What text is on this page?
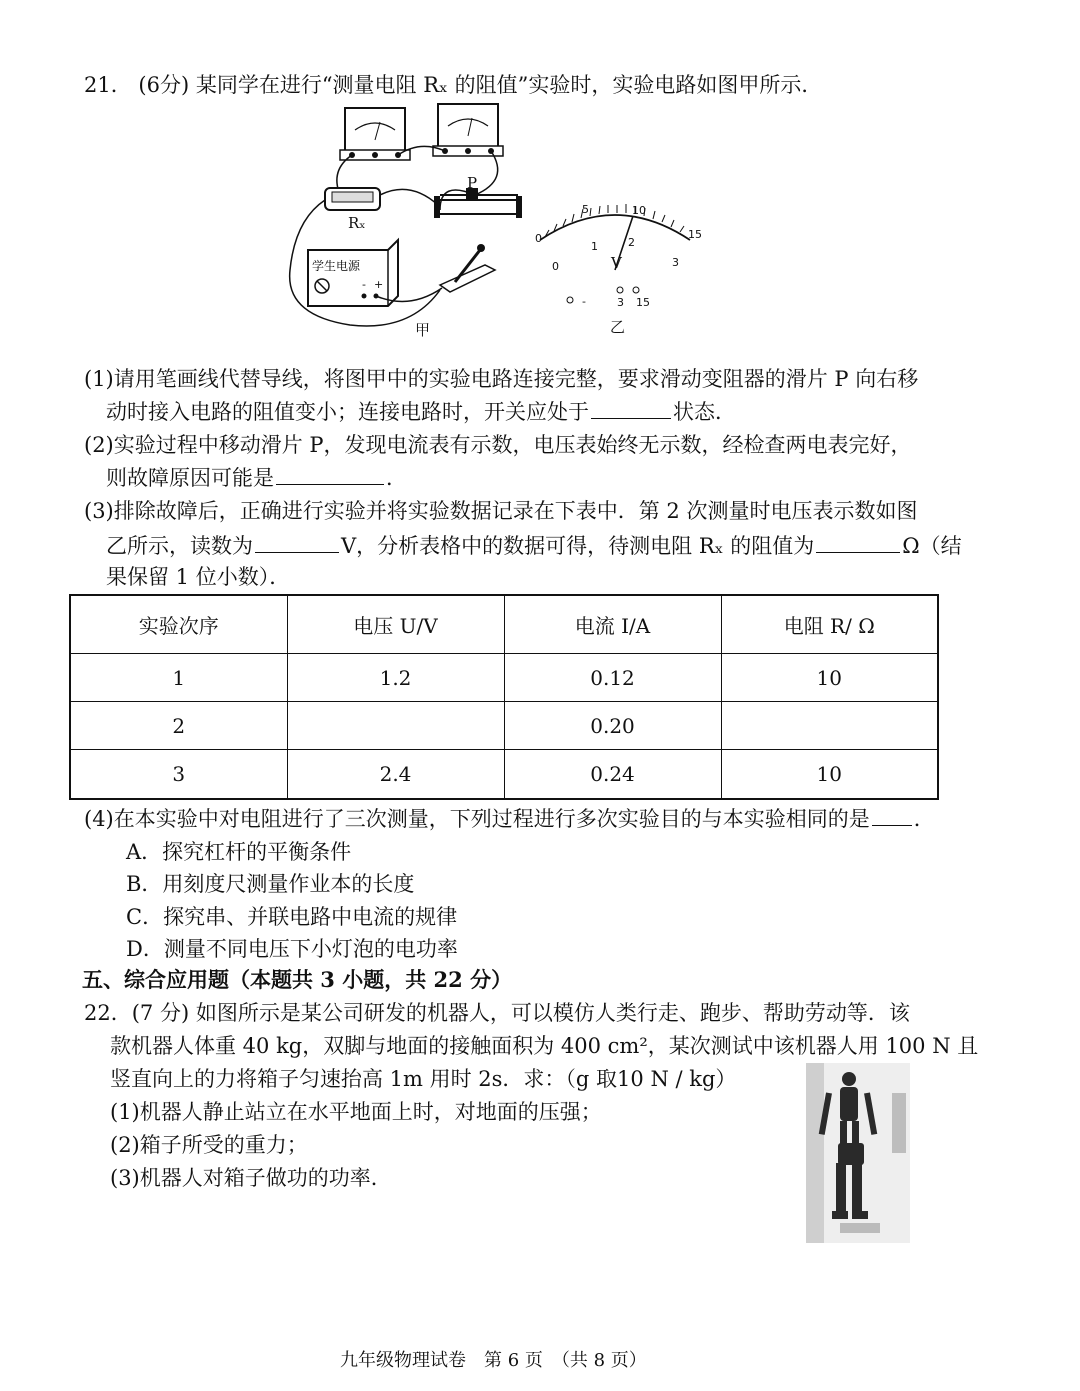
21． (6分) 某同学在进行“测量电阻 Rₓ 的阻值”实验时，实验电路如图甲所示．
Rₓ
P
- +
学生电源
甲
0
5	10
15
0
1	2
3
V
-	3 15
乙
(1)请用笔画线代替导线，将图甲中的实验电路连接完整，要求滑动变阻器的滑片 P 向右移
动时接入电路的阻值变小；连接电路时，开关应处于	状态．
(2)实验过程中移动滑片 P，发现电流表有示数，电压表始终无示数，经检查两电表完好，
则故障原因可能是	．
(3)排除故障后，正确进行实验并将实验数据记录在下表中．第 2 次测量时电压表示数如图
乙所示，读数为	V，分析表格中的数据可得，待测电阻 Rₓ 的阻值为	Ω（结
果保留 1 位小数）．
实验次序	电压 U/V	电流 I/A	电阻 R/ Ω
1	1.2	0.12	10
2		0.20	
3	2.4	0.24	10
(4)在本实验中对电阻进行了三次测量，下列过程进行多次实验目的与本实验相同的是 ．
A．探究杠杆的平衡条件
B．用刻度尺测量作业本的长度
C．探究串、并联电路中电流的规律
D．测量不同电压下小灯泡的电功率
五、综合应用题（本题共 3 小题，共 22 分）
22．(7 分) 如图所示是某公司研发的机器人，可以模仿人类行走、跑步、帮助劳动等．该
款机器人体重 40 kg，双脚与地面的接触面积为 400 cm²，某次测试中该机器人用 100 N 且
竖直向上的力将箱子匀速抬高 1m 用时 2s．求：（g 取10 N / kg）
(1)机器人静止站立在水平地面上时，对地面的压强；
(2)箱子所受的重力；
(3)机器人对箱子做功的功率．
九年级物理试卷　第 6 页　（共 8 页）
